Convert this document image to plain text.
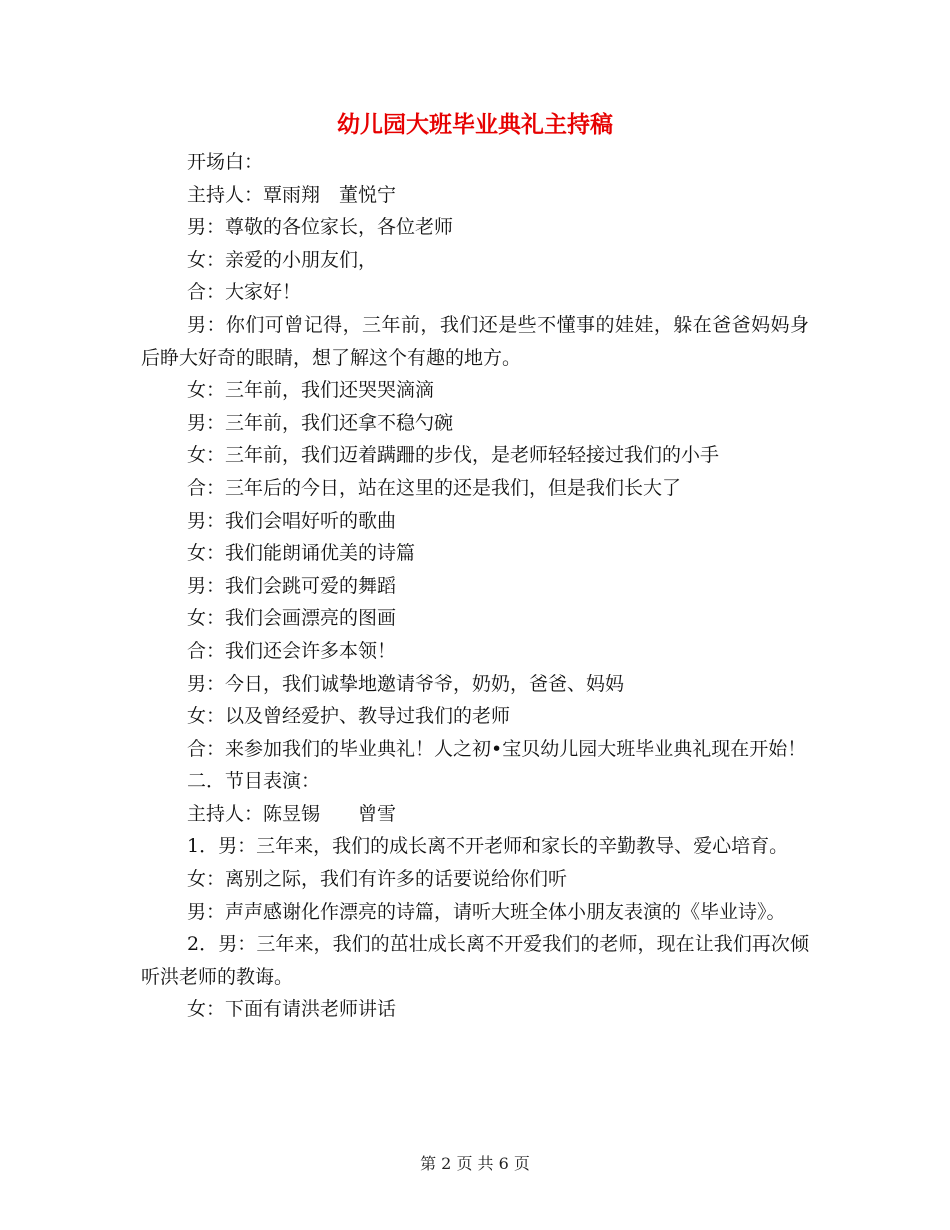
幼儿园大班毕业典礼主持稿

开场白：

主持人：覃雨翔　董悦宁

男：尊敬的各位家长，各位老师

女：亲爱的小朋友们，

合：大家好！

男：你们可曾记得，三年前，我们还是些不懂事的娃娃，躲在爸爸妈妈身后睁大好奇的眼睛，想了解这个有趣的地方。

女：三年前，我们还哭哭滴滴

男：三年前，我们还拿不稳勺碗

女：三年前，我们迈着蹒跚的步伐，是老师轻轻接过我们的小手

合：三年后的今日，站在这里的还是我们，但是我们长大了

男：我们会唱好听的歌曲

女：我们能朗诵优美的诗篇

男：我们会跳可爱的舞蹈

女：我们会画漂亮的图画

合：我们还会许多本领！

男：今日，我们诚挚地邀请爷爷，奶奶，爸爸、妈妈

女：以及曾经爱护、教导过我们的老师

合：来参加我们的毕业典礼！人之初•宝贝幼儿园大班毕业典礼现在开始！

二．节目表演：

主持人：陈昱锡　　曾雪

1．男：三年来，我们的成长离不开老师和家长的辛勤教导、爱心培育。

女：离别之际，我们有许多的话要说给你们听

男：声声感谢化作漂亮的诗篇，请听大班全体小朋友表演的《毕业诗》。

2．男：三年来，我们的茁壮成长离不开爱我们的老师，现在让我们再次倾听洪老师的教诲。

女：下面有请洪老师讲话

第 2 页 共 6 页
